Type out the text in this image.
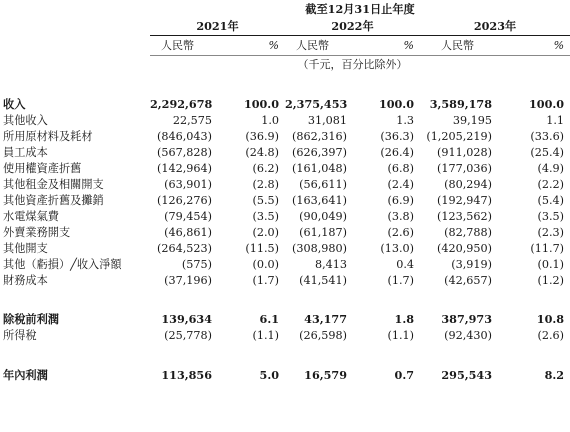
	截至12月31日止年度					
	2021年		2022年		2023年	
	人民幣	%	人民幣	%	人民幣	%
			（千元，百分比除外）			

收入	2,292,678	100.0	2,375,453	100.0	3,589,178	100.0
其他收入	22,575	1.0	31,081	1.3	39,195	1.1
所用原材料及耗材	(846,043)	(36.9)	(862,316)	(36.3)	(1,205,219)	(33.6)
員工成本	(567,828)	(24.8)	(626,397)	(26.4)	(911,028)	(25.4)
使用權資產折舊	(142,964)	(6.2)	(161,048)	(6.8)	(177,036)	(4.9)
其他租金及相關開支	(63,901)	(2.8)	(56,611)	(2.4)	(80,294)	(2.2)
其他資產折舊及攤銷	(126,276)	(5.5)	(163,641)	(6.9)	(192,947)	(5.4)
水電煤氣費	(79,454)	(3.5)	(90,049)	(3.8)	(123,562)	(3.5)
外賣業務開支	(46,861)	(2.0)	(61,187)	(2.6)	(82,788)	(2.3)
其他開支	(264,523)	(11.5)	(308,980)	(13.0)	(420,950)	(11.7)
其他（虧損）╱收入淨額	(575)	(0.0)	8,413	0.4	(3,919)	(0.1)
財務成本	(37,196)	(1.7)	(41,541)	(1.7)	(42,657)	(1.2)

除稅前利潤	139,634	6.1	43,177	1.8	387,973	10.8
所得稅	(25,778)	(1.1)	(26,598)	(1.1)	(92,430)	(2.6)

年內利潤	113,856	5.0	16,579	0.7	295,543	8.2
